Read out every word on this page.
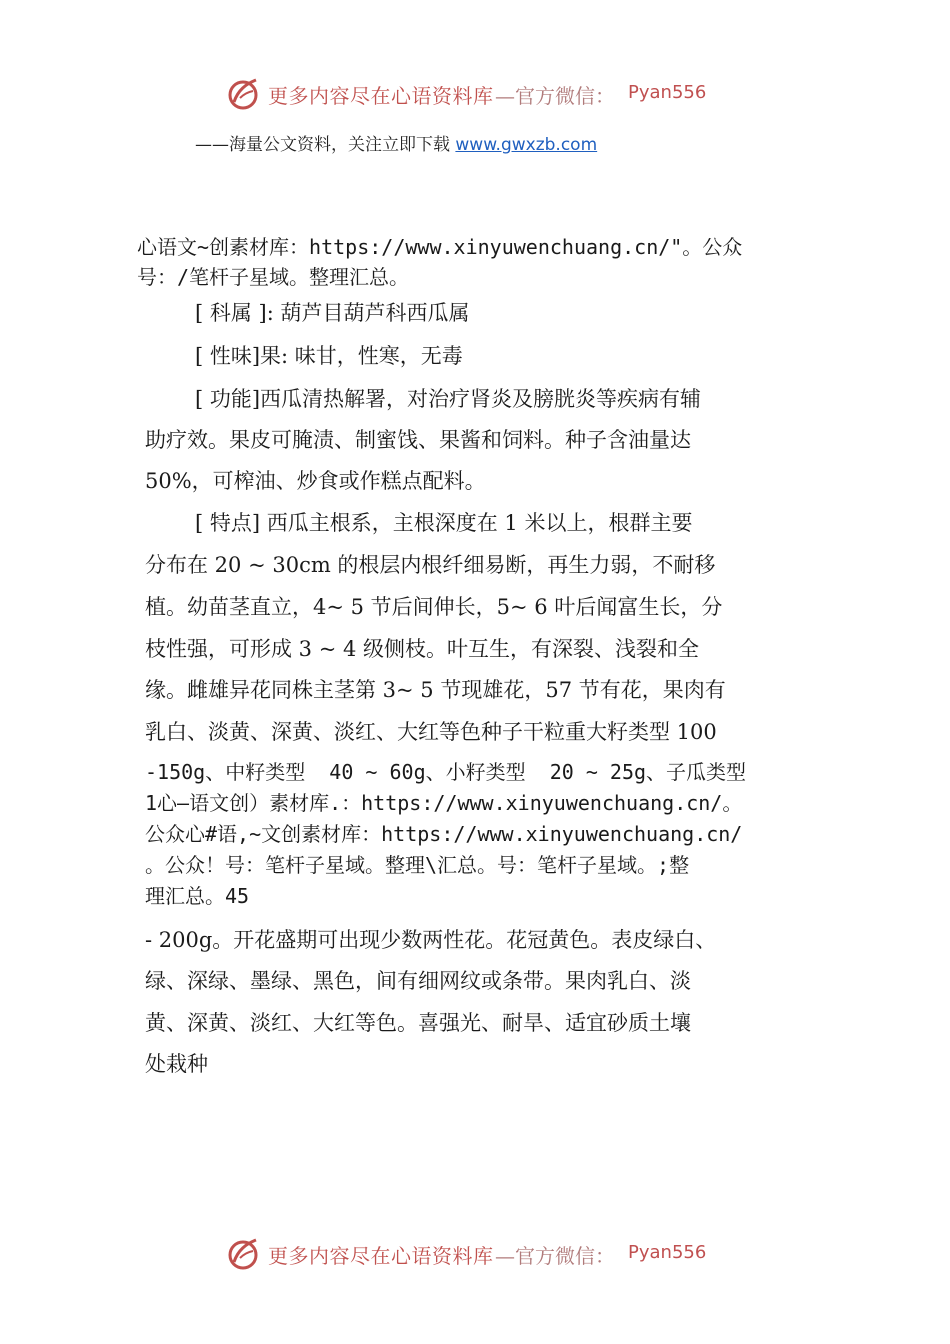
更多内容尽在心语资料库 —官方微信： Pyan556
——海量公文资料，关注立即下载 www.gwxzb.com
心语文~创素材库：https://www.xinyuwenchuang.cn/"。公众
号：/笔杆子星域。整理汇总。
[ 科属 ]: 葫芦目葫芦科西瓜属
[ 性味]果: 味甘，性寒，无毒
[ 功能]西瓜清热解署，对治疗肾炎及膀胱炎等疾病有辅
助疗效。果皮可腌渍、制蜜饯、果酱和饲料。种子含油量达
50%，可榨油、炒食或作糕点配料。
[ 特点] 西瓜主根系，主根深度在 1 米以上，根群主要
分布在 20 ~ 30cm 的根层内根纤细易断，再生力弱，不耐移
植。幼苗茎直立，4~ 5 节后间伸长，5~ 6 叶后闻富生长，分
枝性强，可形成 3 ~ 4 级侧枝。叶互生，有深裂、浅裂和全
缘。雌雄异花同株主茎第 3~ 5 节现雄花，57 节有花，果肉有
乳白、淡黄、深黄、淡红、大红等色种子干粒重大籽类型 100
-150g、中籽类型  40 ~ 60g、小籽类型  20 ~ 25g、子瓜类型
1心—语文创）素材库.：https://www.xinyuwenchuang.cn/。
公众心#语,~文创素材库：https://www.xinyuwenchuang.cn/
。公众！号：笔杆子星域。整理\汇总。号：笔杆子星域。;整
理汇总。45
- 200g。开花盛期可出现少数两性花。花冠黄色。表皮绿白、
绿、深绿、墨绿、黑色，间有细网纹或条带。果肉乳白、淡
黄、深黄、淡红、大红等色。喜强光、耐旱、适宜砂质土壤
处栽种
更多内容尽在心语资料库 —官方微信： Pyan556
